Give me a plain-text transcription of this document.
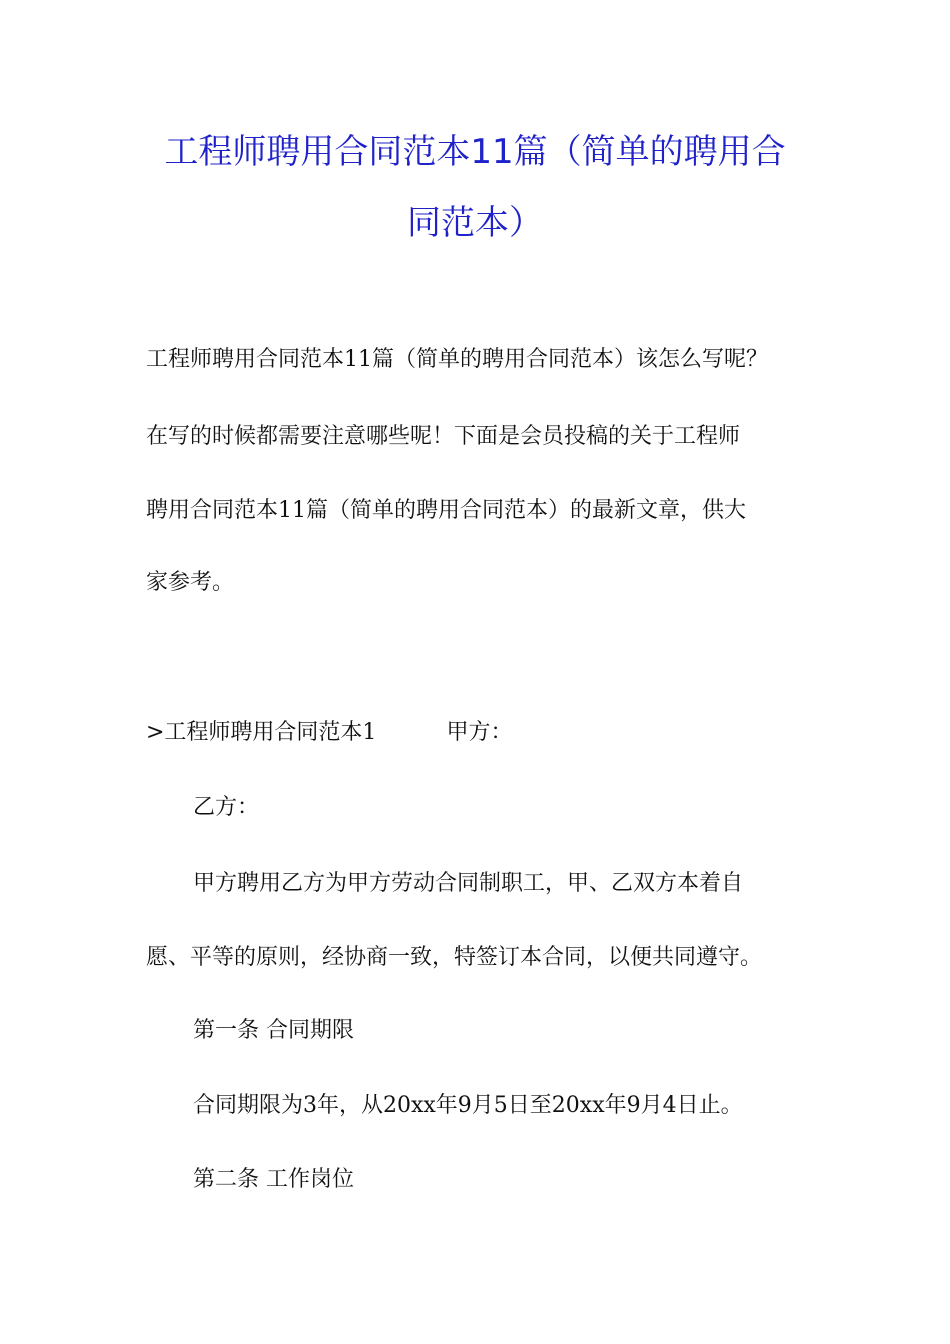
工程师聘用合同范本11篇（简单的聘用合
同范本）
工程师聘用合同范本11篇（简单的聘用合同范本）该怎么写呢？
在写的时候都需要注意哪些呢！下面是会员投稿的关于工程师
聘用合同范本11篇（简单的聘用合同范本）的最新文章，供大
家参考。
>工程师聘用合同范本1	甲方：
乙方：
甲方聘用乙方为甲方劳动合同制职工，甲、乙双方本着自
愿、平等的原则，经协商一致，特签订本合同，以便共同遵守。
第一条 合同期限
合同期限为3年，从20xx年9月5日至20xx年9月4日止。
第二条 工作岗位
